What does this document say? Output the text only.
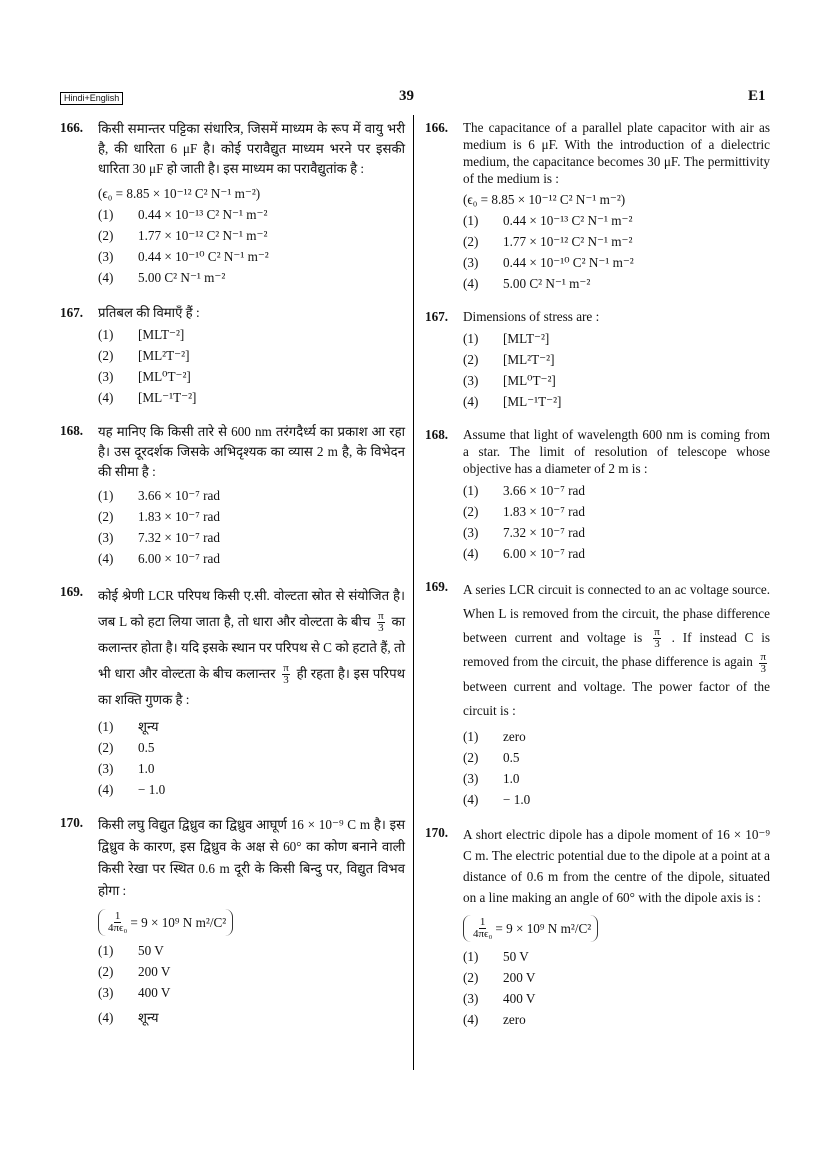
Hindi+English	39	E1
166. किसी समान्तर पट्टिका संधारित्र, जिसमें माध्यम के रूप में वायु भरी है, की धारिता 6 μF है। कोई परावैद्युत माध्यम भरने पर इसकी धारिता 30 μF हो जाती है। इस माध्यम का परावैद्युतांक है :

(ϵ₀ = 8.85 × 10⁻¹² C² N⁻¹ m⁻²)
(1)	0.44 × 10⁻¹³ C² N⁻¹ m⁻²
(2)	1.77 × 10⁻¹² C² N⁻¹ m⁻²
(3)	0.44 × 10⁻¹⁰ C² N⁻¹ m⁻²
(4)	5.00 C² N⁻¹ m⁻²
167. प्रतिबल की विमाएँ हैं :

(1)	[MLT⁻²]
(2)	[ML²T⁻²]
(3)	[ML⁰T⁻²]
(4)	[ML⁻¹T⁻²]
168. यह मानिए कि किसी तारे से 600 nm तरंगदैर्ध्य का प्रकाश आ रहा है। उस दूरदर्शक जिसके अभिदृश्यक का व्यास 2 m है, के विभेदन की सीमा है :

(1)	3.66 × 10⁻⁷ rad
(2)	1.83 × 10⁻⁷ rad
(3)	7.32 × 10⁻⁷ rad
(4)	6.00 × 10⁻⁷ rad
169. कोई श्रेणी LCR परिपथ किसी ए.सी. वोल्टता स्रोत से संयोजित है। जब L को हटा लिया जाता है, तो धारा और वोल्टता के बीच $\frac{\pi}{3}$ का कलान्तर होता है। यदि इसके स्थान पर परिपथ से C को हटाते हैं, तो भी धारा और वोल्टता के बीच कलान्तर $\frac{\pi}{3}$ ही रहता है। इस परिपथ का शक्ति गुणक है :

(1)	शून्य
(2)	0.5
(3)	1.0
(4)	− 1.0
170. किसी लघु विद्युत द्विध्रुव का द्विध्रुव आघूर्ण 16 × 10⁻⁹ C m है। इस द्विध्रुव के कारण, इस द्विध्रुव के अक्ष से 60° का कोण बनाने वाली किसी रेखा पर स्थित 0.6 m दूरी के किसी बिन्दु पर, विद्युत विभव होगा :

$\frac{1}{\text{4πϵ₀}} = 9 \times 10^9$ N m²/C²
(1)	50 V
(2)	200 V
(3)	400 V
(4)	शून्य
166. The capacitance of a parallel plate capacitor with air as medium is 6 μF. With the introduction of a dielectric medium, the capacitance becomes 30 μF. The permittivity of the medium is :

(ϵ₀ = 8.85 × 10⁻¹² C² N⁻¹ m⁻²)
(1)	0.44 × 10⁻¹³ C² N⁻¹ m⁻²
(2)	1.77 × 10⁻¹² C² N⁻¹ m⁻²
(3)	0.44 × 10⁻¹⁰ C² N⁻¹ m⁻²
(4)	5.00 C² N⁻¹ m⁻²
167. Dimensions of stress are :

(1)	[MLT⁻²]
(2)	[ML²T⁻²]
(3)	[ML⁰T⁻²]
(4)	[ML⁻¹T⁻²]
168. Assume that light of wavelength 600 nm is coming from a star. The limit of resolution of telescope whose objective has a diameter of 2 m is :

(1)	3.66 × 10⁻⁷ rad
(2)	1.83 × 10⁻⁷ rad
(3)	7.32 × 10⁻⁷ rad
(4)	6.00 × 10⁻⁷ rad
169. A series LCR circuit is connected to an ac voltage source. When L is removed from the circuit, the phase difference between current and voltage is $\frac{\pi}{3}$ . If instead C is removed from the circuit, the phase difference is again $\frac{\pi}{3}$
between current and voltage. The power factor of the circuit is :

(1)	zero
(2)	0.5
(3)	1.0
(4)	− 1.0
170. A short electric dipole has a dipole moment of 16 × 10⁻⁹ C m. The electric potential due to the dipole at a point at a distance of 0.6 m from the centre of the dipole, situated on a line making an angle of 60° with the dipole axis is :

$\frac{1}{\text{4πϵ₀}} = 9 \times 10^9$ N m²/C²
(1)	50 V
(2)	200 V
(3)	400 V
(4)	zero
